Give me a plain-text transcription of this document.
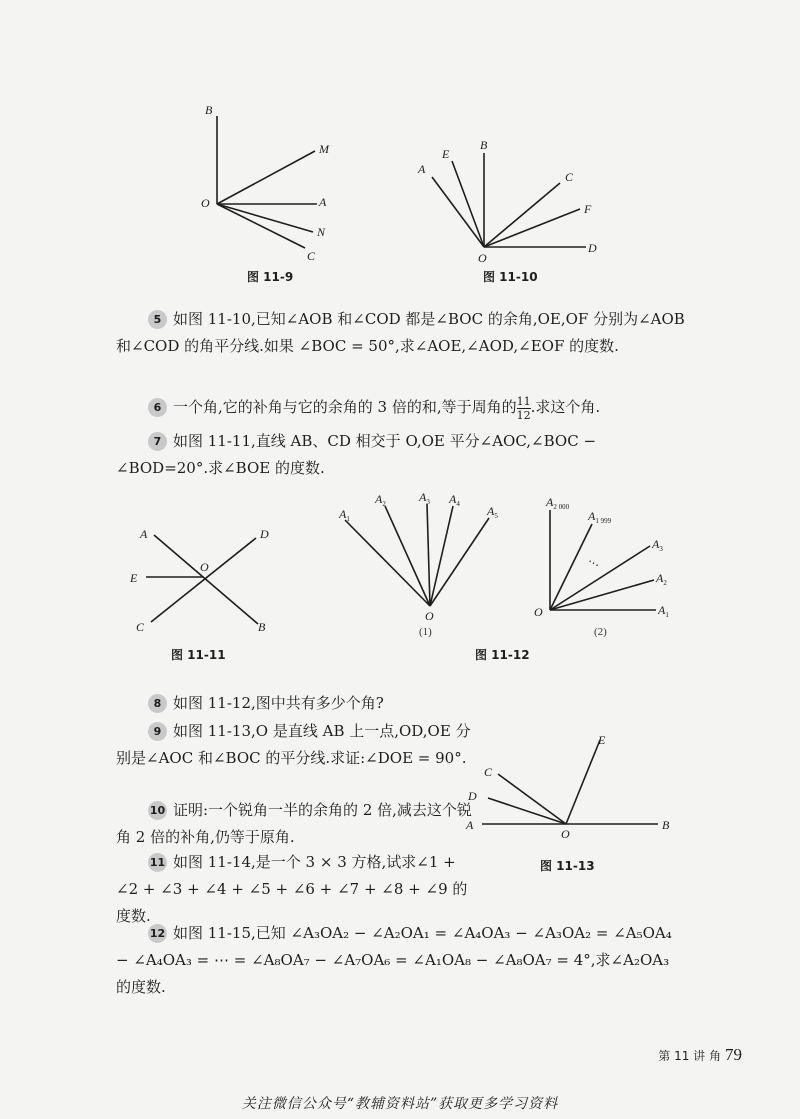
B
M
O	A
N
C
图 11-9
A
E
B
C
F
O
D
图 11-10
5 如图 11-10,已知∠AOB 和∠COD 都是∠BOC 的余角,OE,OF 分别为∠AOB 和∠COD 的角平分线.如果 ∠BOC = 50°,求∠AOE,∠AOD,∠EOF 的度数.
6 一个角,它的补角与它的余角的 3 倍的和,等于周角的 $\frac{11}{12}$ .求这个角.
7 如图 11-11,直线 AB、CD 相交于 O,OE 平分∠AOC,∠BOC − ∠BOD=20°.求∠BOE 的度数.
A	D
E
O
C	B
图 11-11
$A_1$
$A_2$	$A_3$ $A_4$ $A_5$
O
(1)
$A_{2 000}$
$A_{1 999}$
$A_3$
$A_2$
$A_1$
⋯
O
(2)
图 11-12
8 如图 11-12,图中共有多少个角?
9 如图 11-13,O 是直线 AB 上一点,OD,OE 分别是∠AOC 和∠BOC 的平分线.求证:∠DOE = 90°.
10 证明:一个锐角一半的余角的 2 倍,减去这个锐角 2 倍的补角,仍等于原角.
11 如图 11-14,是一个 3 × 3 方格,试求∠1 + ∠2 + ∠3 + ∠4 + ∠5 + ∠6 + ∠7 + ∠8 + ∠9 的度数.
E
C
D
A
O
B
图 11-13
12 如图 11-15,已知 ∠A₃OA₂ − ∠A₂OA₁ = ∠A₄OA₃ − ∠A₃OA₂ = ∠A₅OA₄ − ∠A₄OA₃ = ⋯ = ∠A₈OA₇ − ∠A₇OA₆ = ∠A₁OA₈ − ∠A₈OA₇ = 4°,求∠A₂OA₃ 的度数.
第 11 讲 角 79
关注微信公众号“教辅资料站”获取更多学习资料
